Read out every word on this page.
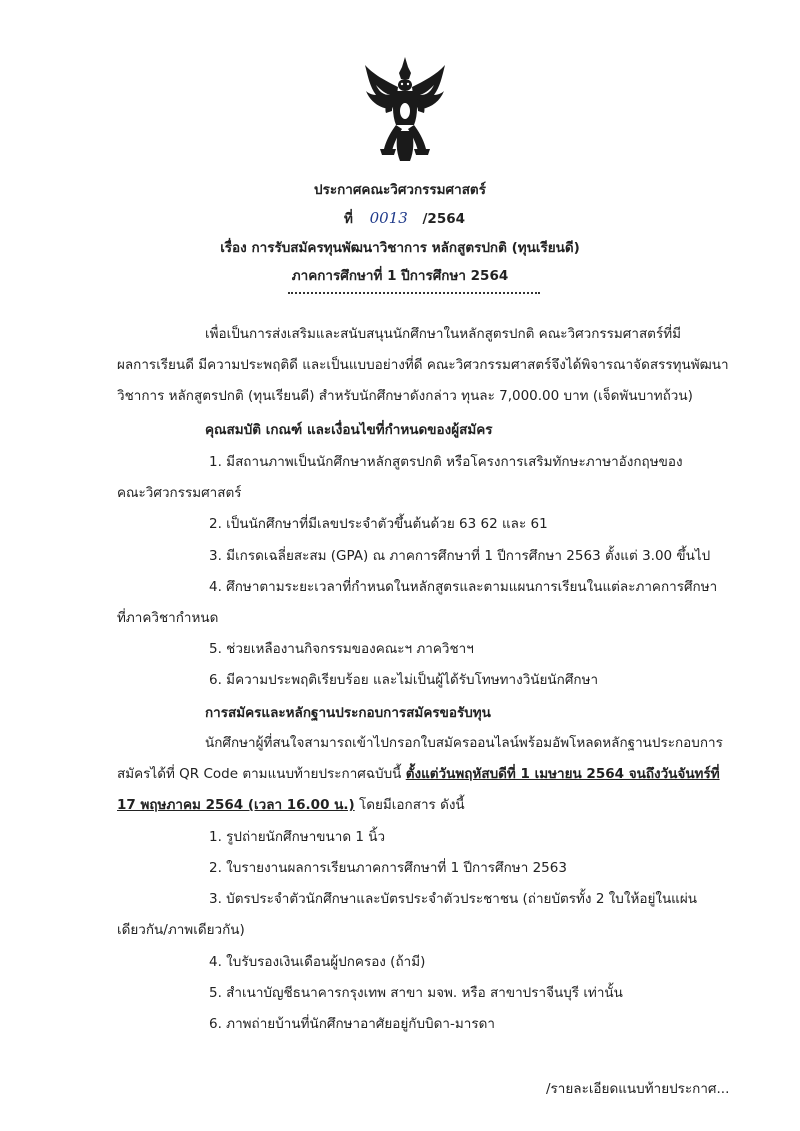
ประกาศคณะวิศวกรรมศาสตร์
ที่ 0013 /2564
เรื่อง การรับสมัครทุนพัฒนาวิชาการ หลักสูตรปกติ (ทุนเรียนดี)
ภาคการศึกษาที่ 1 ปีการศึกษา 2564
เพื่อเป็นการส่งเสริมและสนับสนุนนักศึกษาในหลักสูตรปกติ คณะวิศวกรรมศาสตร์ที่มี
ผลการเรียนดี มีความประพฤติดี และเป็นแบบอย่างที่ดี คณะวิศวกรรมศาสตร์จึงได้พิจารณาจัดสรรทุนพัฒนา
วิชาการ หลักสูตรปกติ (ทุนเรียนดี) สำหรับนักศึกษาดังกล่าว ทุนละ 7,000.00 บาท (เจ็ดพันบาทถ้วน)
คุณสมบัติ เกณฑ์ และเงื่อนไขที่กำหนดของผู้สมัคร
1. มีสถานภาพเป็นนักศึกษาหลักสูตรปกติ หรือโครงการเสริมทักษะภาษาอังกฤษของ
คณะวิศวกรรมศาสตร์
2. เป็นนักศึกษาที่มีเลขประจำตัวขึ้นต้นด้วย 63 62 และ 61
3. มีเกรดเฉลี่ยสะสม (GPA) ณ ภาคการศึกษาที่ 1 ปีการศึกษา 2563 ตั้งแต่ 3.00 ขึ้นไป
4. ศึกษาตามระยะเวลาที่กำหนดในหลักสูตรและตามแผนการเรียนในแต่ละภาคการศึกษา
ที่ภาควิชากำหนด
5. ช่วยเหลืองานกิจกรรมของคณะฯ ภาควิชาฯ
6. มีความประพฤติเรียบร้อย และไม่เป็นผู้ได้รับโทษทางวินัยนักศึกษา
การสมัครและหลักฐานประกอบการสมัครขอรับทุน
นักศึกษาผู้ที่สนใจสามารถเข้าไปกรอกใบสมัครออนไลน์พร้อมอัพโหลดหลักฐานประกอบการ
สมัครได้ที่ QR Code ตามแนบท้ายประกาศฉบับนี้ ตั้งแต่วันพฤหัสบดีที่ 1 เมษายน 2564 จนถึงวันจันทร์ที่
17 พฤษภาคม 2564 (เวลา 16.00 น.) โดยมีเอกสาร ดังนี้
1. รูปถ่ายนักศึกษาขนาด 1 นิ้ว
2. ใบรายงานผลการเรียนภาคการศึกษาที่ 1 ปีการศึกษา 2563
3. บัตรประจำตัวนักศึกษาและบัตรประจำตัวประชาชน (ถ่ายบัตรทั้ง 2 ใบให้อยู่ในแผ่น
เดียวกัน/ภาพเดียวกัน)
4. ใบรับรองเงินเดือนผู้ปกครอง (ถ้ามี)
5. สำเนาบัญชีธนาคารกรุงเทพ สาขา มจพ. หรือ สาขาปราจีนบุรี เท่านั้น
6. ภาพถ่ายบ้านที่นักศึกษาอาศัยอยู่กับบิดา-มารดา
/รายละเอียดแนบท้ายประกาศ...
